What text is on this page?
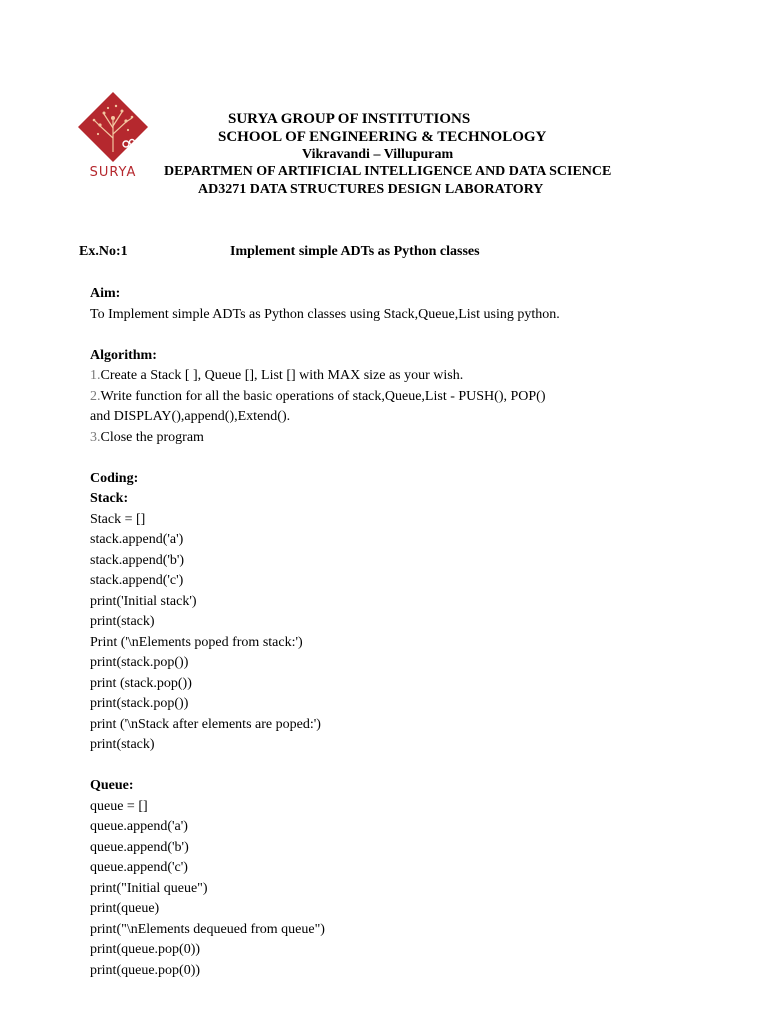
SURYA
SURYA GROUP OF INSTITUTIONS
SCHOOL OF ENGINEERING & TECHNOLOGY
Vikravandi – Villupuram
DEPARTMEN OF ARTIFICIAL INTELLIGENCE AND DATA SCIENCE
AD3271 DATA STRUCTURES DESIGN LABORATORY
Ex.No:1	Implement simple ADTs as Python classes
Aim:
To Implement simple ADTs as Python classes using Stack,Queue,List using python.
Algorithm:
1.Create a Stack [ ], Queue [], List [] with MAX size as your wish.
2.Write function for all the basic operations of stack,Queue,List - PUSH(), POP()
and DISPLAY(),append(),Extend().
3.Close the program
Coding:
Stack:
Stack = []
stack.append('a')
stack.append('b')
stack.append('c')
print('Initial stack')
print(stack)
Print ('\nElements poped from stack:')
print(stack.pop())
print (stack.pop())
print(stack.pop())
print ('\nStack after elements are poped:')
print(stack)
Queue:
queue = []
queue.append('a')
queue.append('b')
queue.append('c')
print("Initial queue")
print(queue)
print("\nElements dequeued from queue")
print(queue.pop(0))
print(queue.pop(0))
